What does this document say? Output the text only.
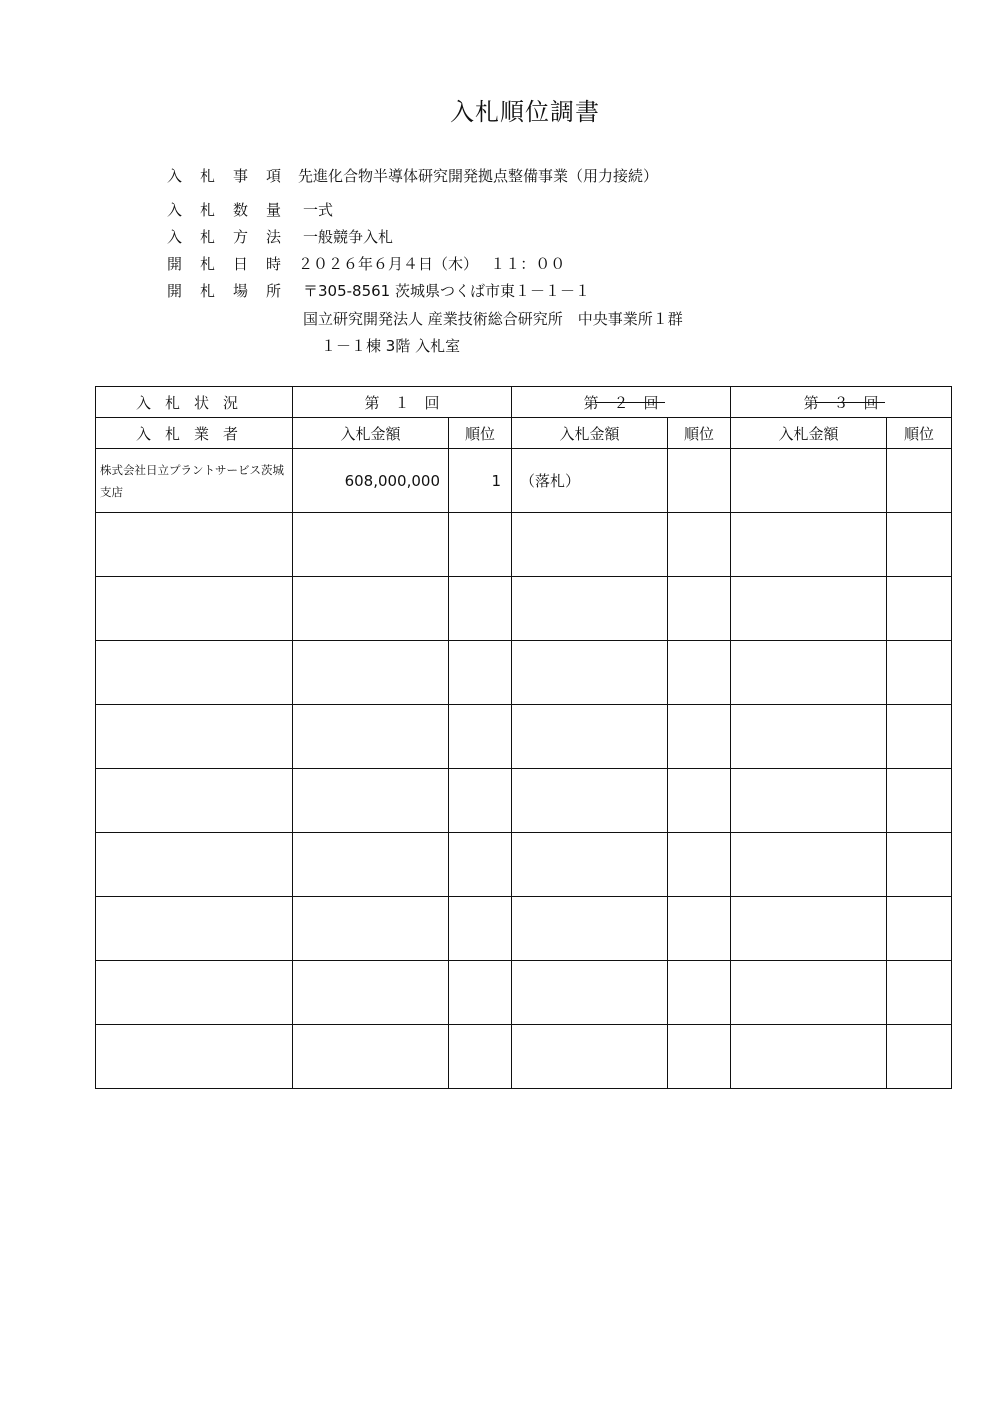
入札順位調書
入 札 事 項	先進化合物半導体研究開発拠点整備事業（用力接続）
入 札 数 量	一式
入 札 方 法	一般競争入札
開 札 日 時	２０２６年６月４日（木）　 １１：００
開 札 場 所	〒305-8561 茨城県つくば市東１－１－１
国立研究開発法人 産業技術総合研究所　中央事業所１群
１－１棟 3階 入札室
入札状況	第　１　回		第　２　回		第　３　回	
入札業者	入札金額	順位	入札金額	順位	入札金額	順位
株式会社日立プラントサービス茨城支店	608,000,000	1	（落札）			
